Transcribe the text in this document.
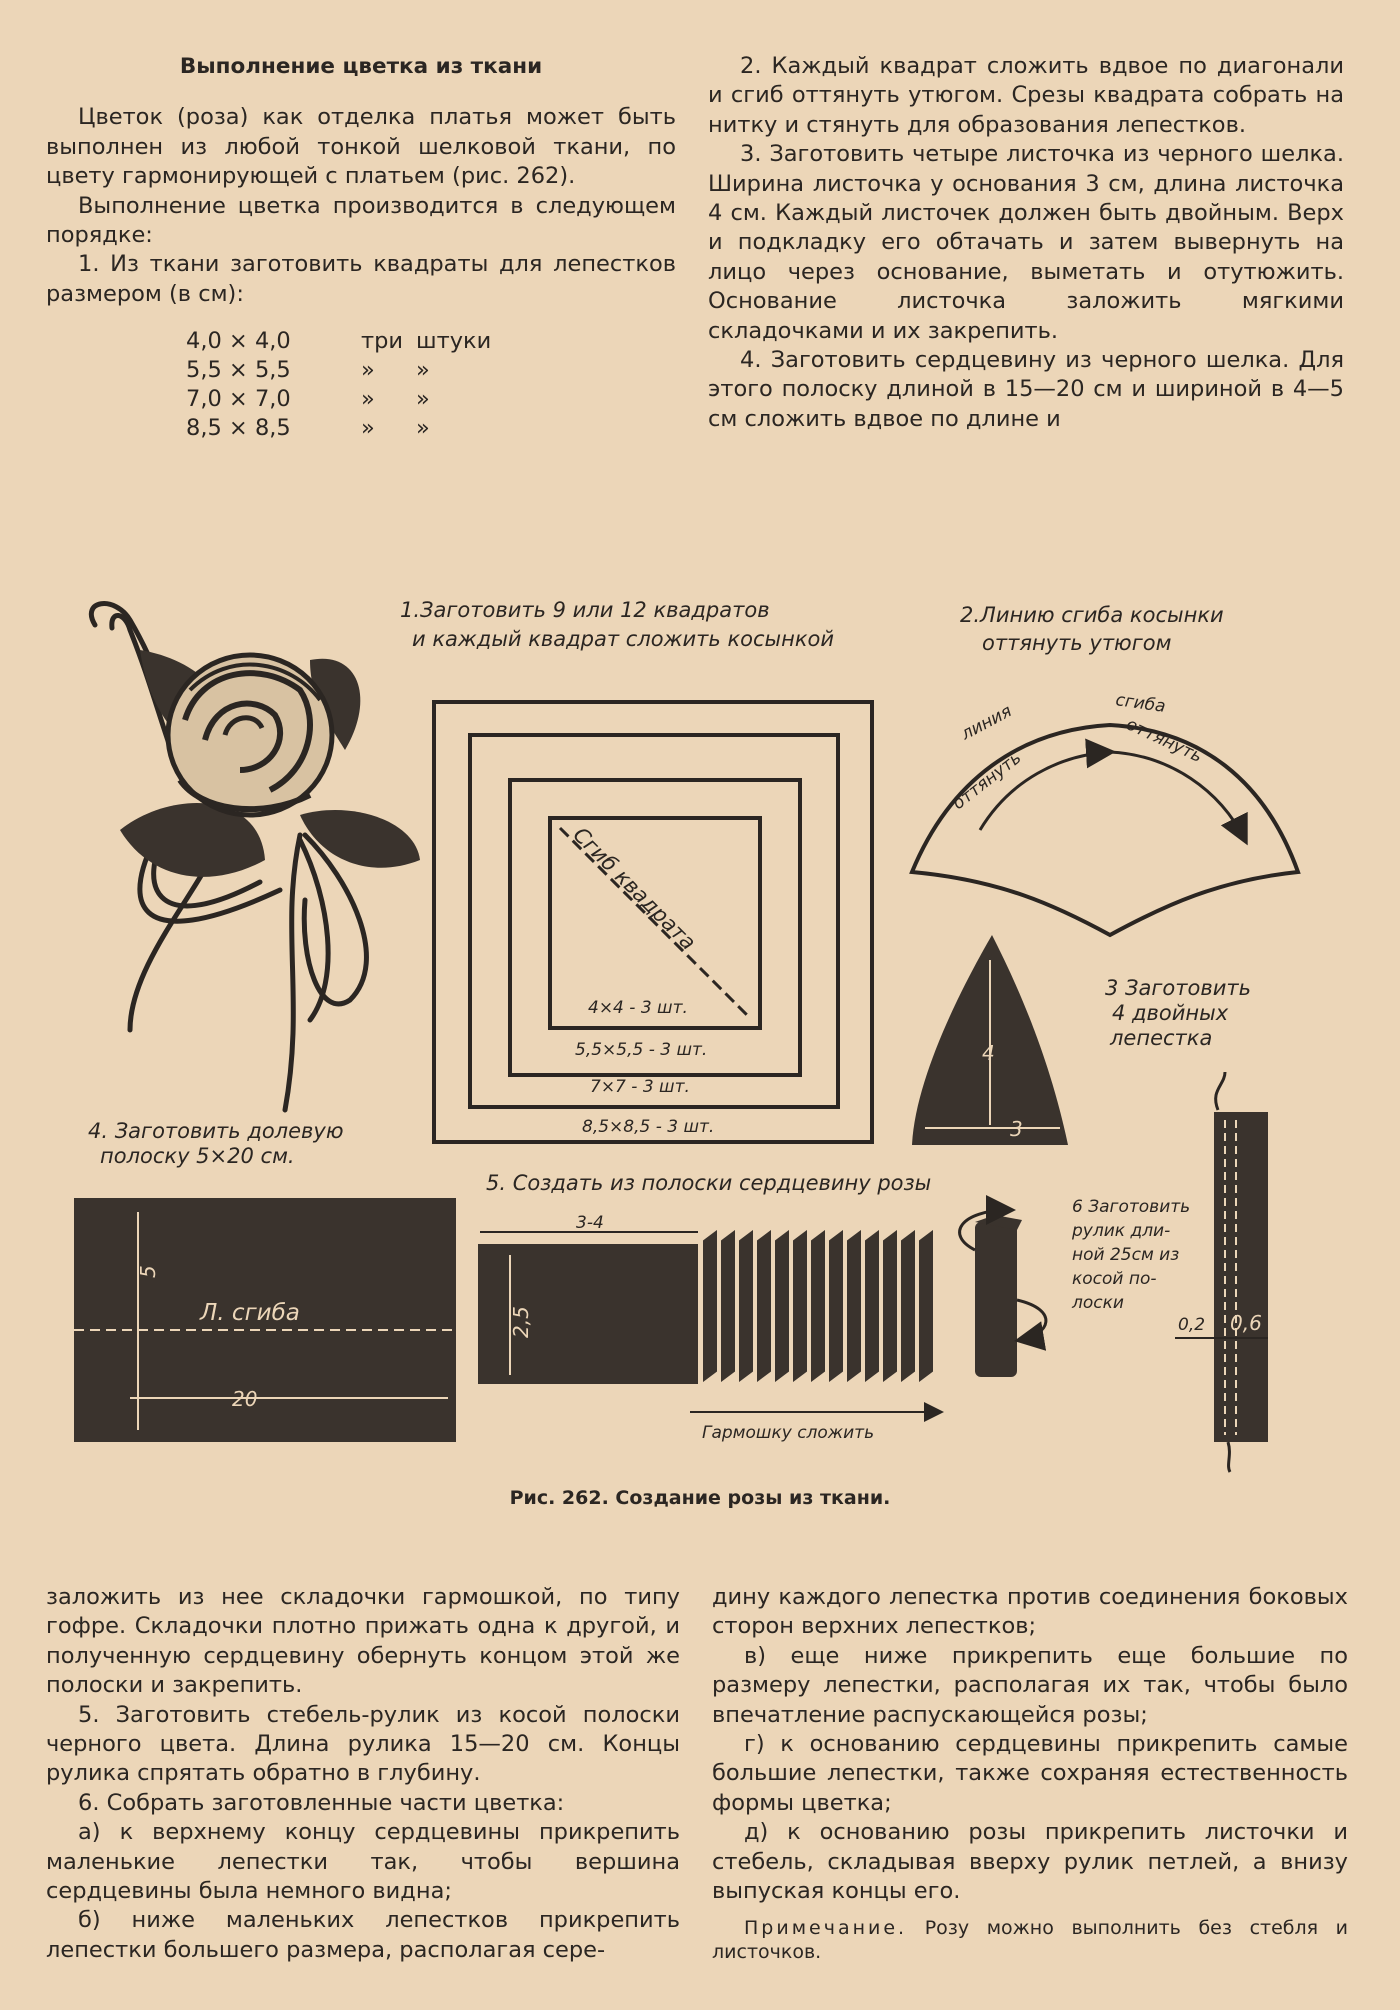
Выполнение цветка из ткани

Цветок (роза) как отделка платья может быть выполнен из любой тонкой шелковой ткани, по цвету гармонирующей с платьем (рис. 262).

Выполнение цветка производится в следующем порядке:

1. Из ткани заготовить квадраты для лепестков размером (в см):

4,0 × 4,0	три штуки
5,5 × 5,5	»	»
7,0 × 7,0	»	»
8,5 × 8,5	»	»

2. Каждый квадрат сложить вдвое по диагонали и сгиб оттянуть утюгом. Срезы квадрата собрать на нитку и стянуть для образования лепестков.

3. Заготовить четыре листочка из черного шелка. Ширина листочка у основания 3 см, длина листочка 4 см. Каждый листочек должен быть двойным. Верх и подкладку его обтачать и затем вывернуть на лицо через основание, выметать и отутюжить. Основание листочка заложить мягкими складочками и их закрепить.

4. Заготовить сердцевину из черного шелка. Для этого полоску длиной в 15—20 см и шириной в 4—5 см сложить вдвое по длине и

1.Заготовить 9 или 12 квадратов
и каждый квадрат сложить косынкой
Сгиб квадрата
4×4 - 3 шт.
5,5×5,5 - 3 шт.
7×7 - 3 шт.
8,5×8,5 - 3 шт.
2.Линию сгиба косынки
оттянуть утюгом
линия	сгиба
оттянуть
оттянуть
4
3
3 Заготовить
4 двойных
лепестка
4. Заготовить долевую
полоску 5×20 см.
5
Л. сгиба
20
5. Создать из полоски сердцевину розы
3-4
2,5
Гармошку сложить
6 Заготовить
рулик дли-
ной 25см из
косой по-
лоски
0,2 0,6
Рис. 262. Создание розы из ткани.

заложить из нее складочки гармошкой, по типу гофре. Складочки плотно прижать одна к другой, и полученную сердцевину обернуть концом этой же полоски и закрепить.

5. Заготовить стебель-рулик из косой полоски черного цвета. Длина рулика 15—20 см. Концы рулика спрятать обратно в глубину.

6. Собрать заготовленные части цветка:

а) к верхнему концу сердцевины прикрепить маленькие лепестки так, чтобы вершина сердцевины была немного видна;

б) ниже маленьких лепестков прикрепить лепестки большего размера, располагая сере-

дину каждого лепестка против соединения боковых сторон верхних лепестков;

в) еще ниже прикрепить еще большие по размеру лепестки, располагая их так, чтобы было впечатление распускающейся розы;

г) к основанию сердцевины прикрепить самые большие лепестки, также сохраняя естественность формы цветка;

д) к основанию розы прикрепить листочки и стебель, складывая вверху рулик петлей, а внизу выпуская концы его.

Примечание. Розу можно выполнить без стебля и листочков.
